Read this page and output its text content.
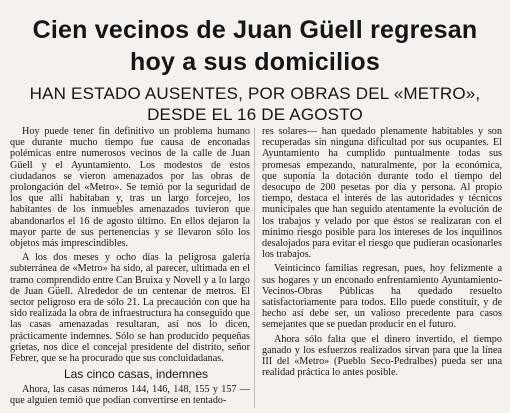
Cien vecinos de Juan Güell regresan
hoy a sus domicilios
HAN ESTADO AUSENTES, POR OBRAS DEL «METRO»,
DESDE EL 16 DE AGOSTO

Hoy puede tener fin definitivo un problema humano que durante mucho tiempo fue causa de enconadas polémicas entre numerosos vecinos de la calle de Juan Güell y el Ayuntamiento. Los modestos de estos ciudadanos se vieron amenazados por las obras de prolongación del «Metro». Se temió por la seguridad de los que allí habitaban y, tras un largo forcejeo, los habitantes de los inmuebles amenazados tuvieron que abandonarlos el 16 de agosto último. En ellos dejaron la mayor parte de sus pertenencias y se llevaron sólo los objetos más imprescindibles.

A los dos meses y ocho días la peligrosa galería subterránea de «Metro» ha sido, al parecer, ultimada en el tramo comprendido entre Can Bruixa y Novell y a lo largo de Juan Güell. Alrededor de un centenar de metros. El sector peligroso era de sólo 21. La precaución con que ha sido realizada la obra de infraestructura ha conseguido que las casas amenazadas resultaran, así nos lo dicen, prácticamente indemnes. Sólo se han producido pequeñas grietas, nos dice el concejal presidente del distrito, señor Febrer, que se ha procurado que sus concluidadanas.

Las cinco casas, indemnes

Ahora, las casas números 144, 146, 148, 155 y 157 —que alguien temió que podían convertirse en tentado-

res solares— han quedado plenamente habitables y son recuperadas sin ninguna dificultad por sus ocupantes. El Ayuntamiento ha cumplido puntualmente todas sus promesas empezando, naturalmente, por la económica, que suponía la dotación durante todo el tiempo del desocupo de 200 pesetas por día y persona. Al propio tiempo, destaca el interés de las autoridades y técnicos municipales que han seguido atentamente la evolución de los trabajos y velado por que éstos se realizaran con el mínimo riesgo posible para los intereses de los inquilinos desalojados para evitar el riesgo que pudieran ocasionarles los trabajos.

Veinticinco familias regresan, pues, hoy felizmente a sus hogares y un enconado enfrentamiento Ayuntamiento-Vecinos-Obras Públicas ha quedado resuelto satisfactoriamente para todos. Ello puede constituir, y de hecho así debe ser, un valioso precedente para casos semejantes que se puedan producir en el futuro.

Ahora sólo falta que el dinero invertido, el tiempo ganado y los esfuerzos realizados sirvan para que la línea III del «Metro» (Pueblo Seco-Pedralbes) pueda ser una realidad práctica lo antes posible.
